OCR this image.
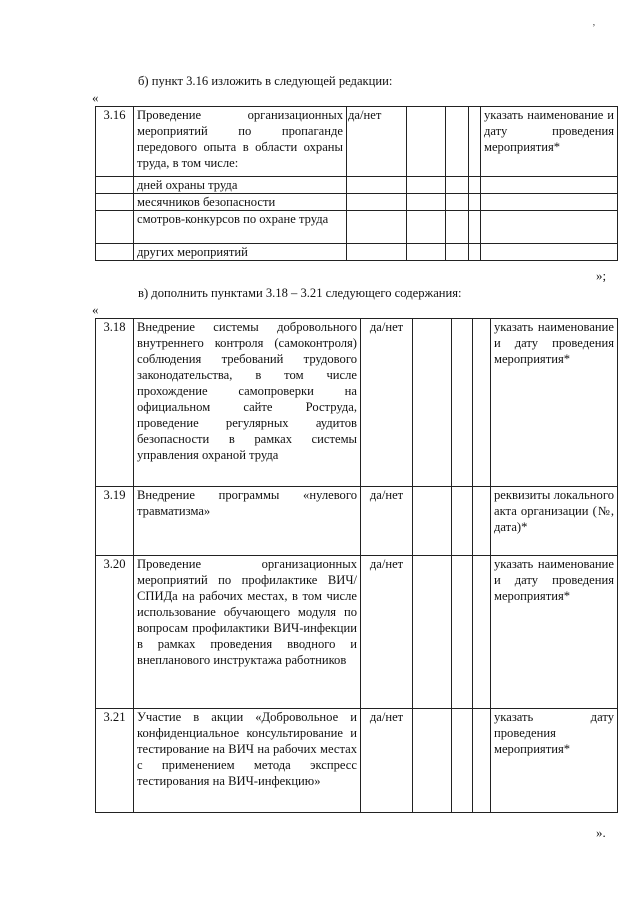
’
б) пункт 3.16 изложить в следующей редакции:
«
3.16	Проведение организационных мероприятий по пропаганде передового опыта в области охраны труда, в том числе:	да/нет				указать наименование и дату проведения мероприятия*
	дней охраны труда					
	месячников безопасности					
	смотров-конкурсов по охране труда					
	других мероприятий					
»;
в) дополнить пунктами 3.18 – 3.21 следующего содержания:
«
3.18	Внедрение системы добровольного внутреннего контроля (самоконтроля) соблюдения требований трудового законодательства, в том числе прохождение самопроверки на официальном сайте Роструда, проведение регулярных аудитов безопасности в рамках системы управления охраной труда	да/нет				указать наименование и дату проведения мероприятия*
3.19	Внедрение программы «нулевого травматизма»	да/нет				реквизиты локального акта организации (№, дата)*
3.20	Проведение организационных мероприятий по профилактике ВИЧ/СПИДа на рабочих местах, в том числе использование обучающего модуля по вопросам профилактики ВИЧ-инфекции в рамках проведения вводного и внепланового инструктажа работников	да/нет				указать наименование и дату проведения мероприятия*
3.21	Участие в акции «Добровольное и конфиденциальное консультирование и тестирование на ВИЧ на рабочих местах с применением метода экспресс тестирования на ВИЧ-инфекцию»	да/нет				указать дату проведения мероприятия*
».
